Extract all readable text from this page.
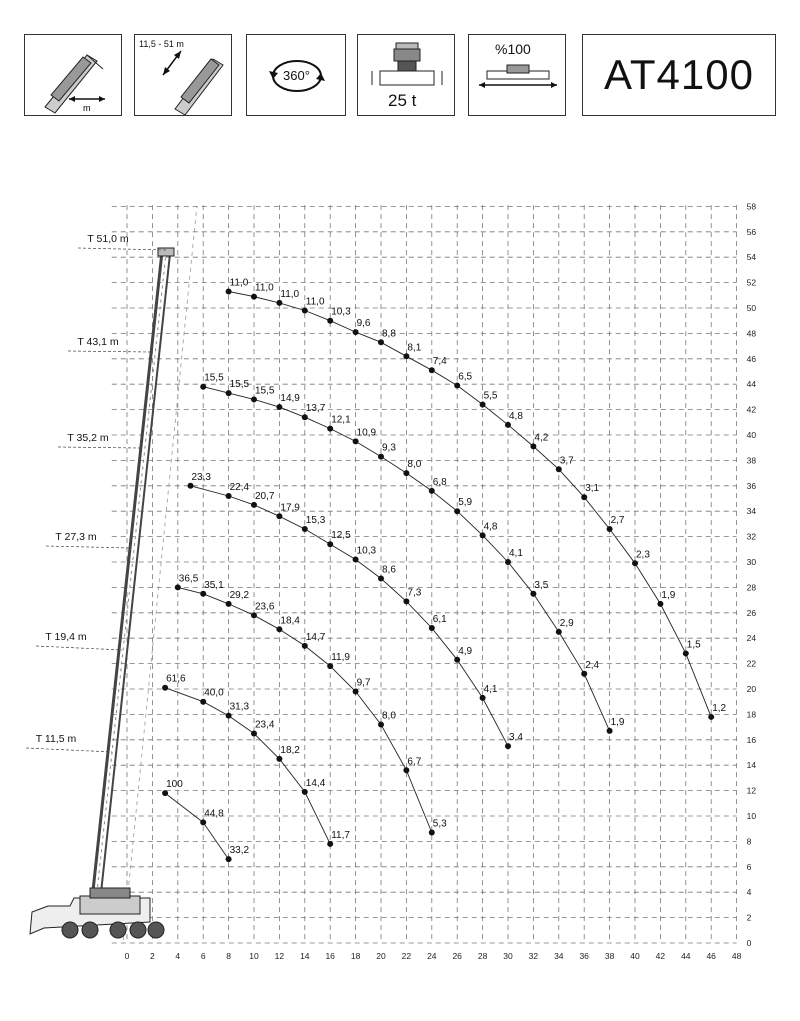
m
11,5 - 51 m
360°
25 t
%100
AT4100
0
2
4
6
8
10
12
14
16
18
20
22
24
26
28
30
32
34
36
38
40
42
44
46
48
50
52
54
56
58
0 2 4 6 8 10 12 14 16 18 20 22 24 26 28 30 32 34 36 38 40 42 44 46 48
T 51,0 m
T 43,1 m
T 35,2 m
T 27,3 m
T 19,4 m
T 11,5 m
100
44,8
33,2
61,6
40,0
31,3
23,4
18,2
14,4
11,7
36,5
35,1
29,2
23,6
18,4
14,7
11,9
9,7
8,0
6,7
5,3
23,3
22,4
20,7
17,9
15,3
12,5
10,3
8,6
7,3
6,1
4,9
4,1
3,4
15,5
15,5
15,5
14,9
13,7
12,1
10,9
9,3
8,0
6,8
5,9
4,8
4,1
3,5
2,9
2,4
1,9
11,0 11,0
11,0
11,0
10,3
9,6
8,8
8,1
7,4
6,5
5,5
4,8
4,2
3,7
3,1
2,7
2,3
1,9
1,5
1,2
